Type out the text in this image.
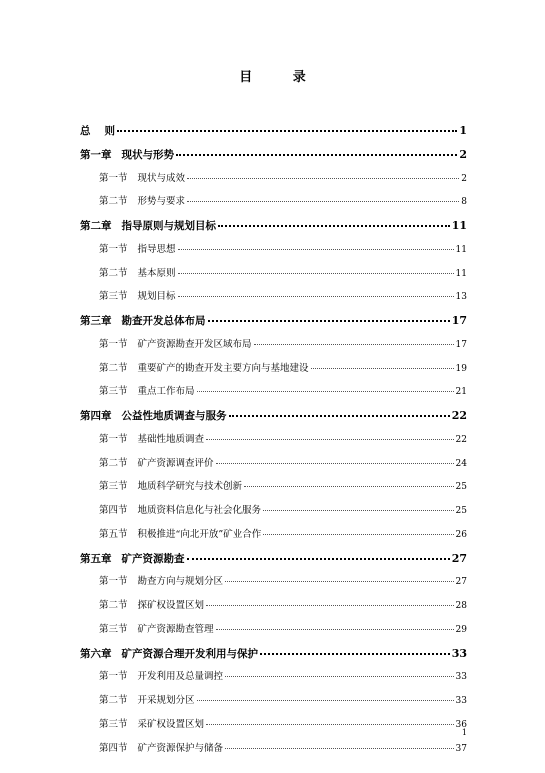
目 录
总 则	1
第一章 现状与形势	2
第一节 现状与成效	2
第二节 形势与要求	8
第二章 指导原则与规划目标	11
第一节 指导思想	11
第二节 基本原则	11
第三节 规划目标	13
第三章 勘查开发总体布局	17
第一节 矿产资源勘查开发区域布局	17
第二节 重要矿产的勘查开发主要方向与基地建设	19
第三节 重点工作布局	21
第四章 公益性地质调查与服务	22
第一节 基础性地质调查	22
第二节 矿产资源调查评价	24
第三节 地质科学研究与技术创新	25
第四节 地质资料信息化与社会化服务	25
第五节 积极推进“向北开放”矿业合作	26
第五章 矿产资源勘查	27
第一节 勘查方向与规划分区	27
第二节 探矿权设置区划	28
第三节 矿产资源勘查管理	29
第六章 矿产资源合理开发利用与保护	33
第一节 开发利用及总量调控	33
第二节 开采规划分区	33
第三节 采矿权设置区划	36
第四节 矿产资源保护与储备	37
1
